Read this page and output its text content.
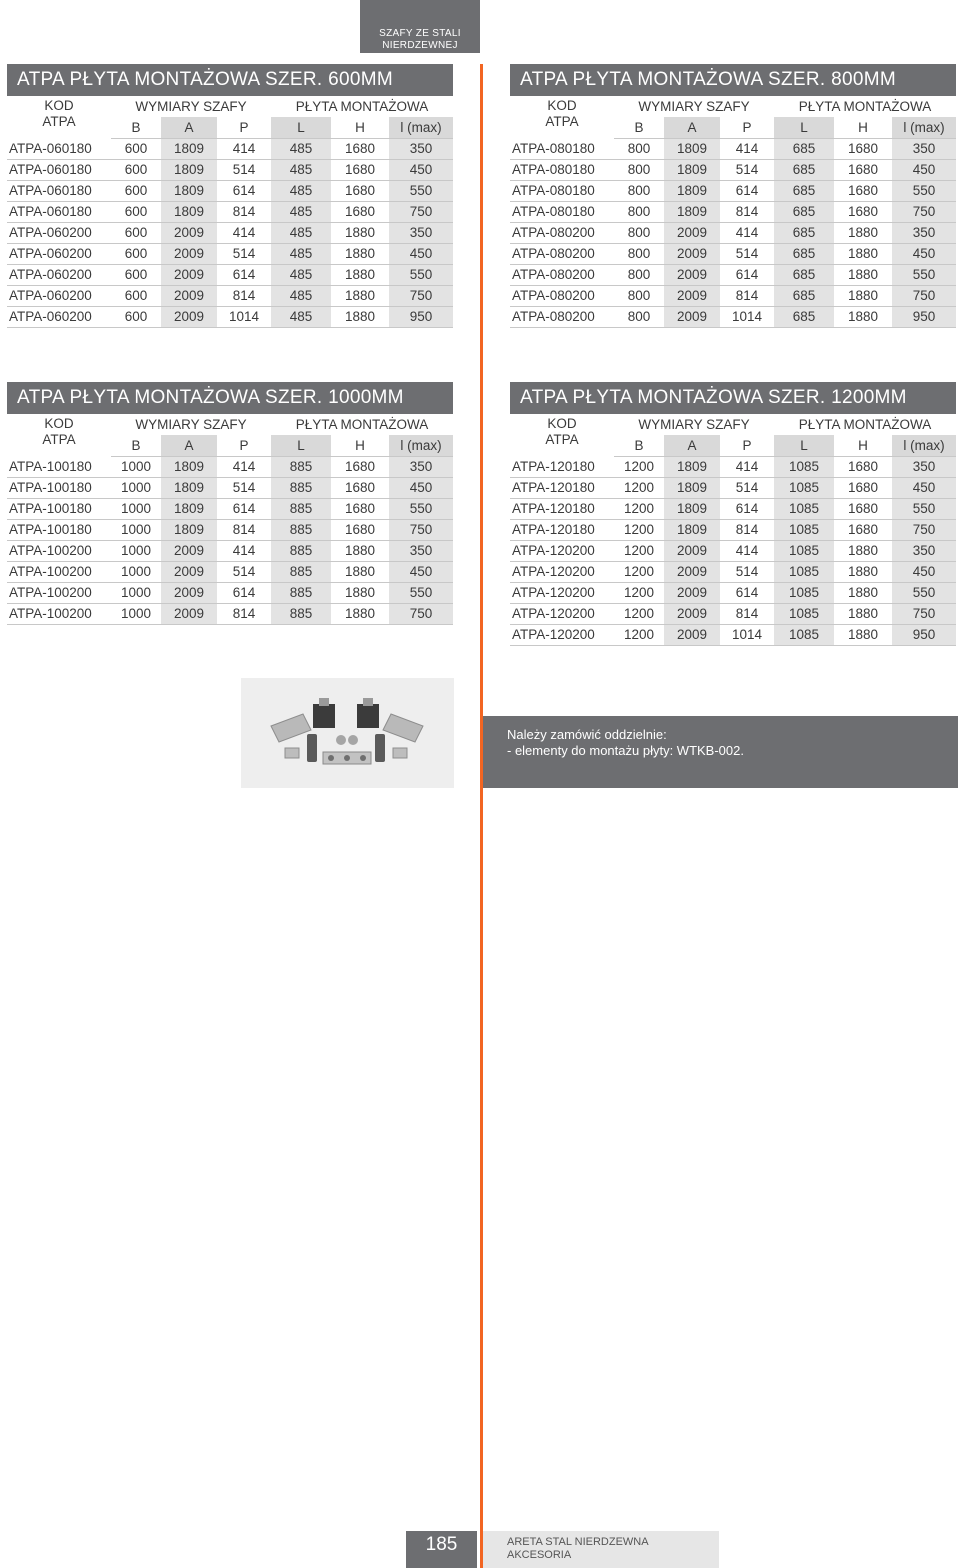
SZAFY ZE STALI
NIERDZEWNEJ
ATPA PŁYTA MONTAŻOWA SZER. 600MM
KOD
ATPA	WYMIARY SZAFY			PŁYTA MONTAŻOWA		
	B	A	P	L	H	l (max)
ATPA-060180	600	1809	414	485	1680	350
ATPA-060180	600	1809	514	485	1680	450
ATPA-060180	600	1809	614	485	1680	550
ATPA-060180	600	1809	814	485	1680	750
ATPA-060200	600	2009	414	485	1880	350
ATPA-060200	600	2009	514	485	1880	450
ATPA-060200	600	2009	614	485	1880	550
ATPA-060200	600	2009	814	485	1880	750
ATPA-060200	600	2009	1014	485	1880	950
ATPA PŁYTA MONTAŻOWA SZER. 800MM
KOD
ATPA	WYMIARY SZAFY			PŁYTA MONTAŻOWA		
	B	A	P	L	H	l (max)
ATPA-080180	800	1809	414	685	1680	350
ATPA-080180	800	1809	514	685	1680	450
ATPA-080180	800	1809	614	685	1680	550
ATPA-080180	800	1809	814	685	1680	750
ATPA-080200	800	2009	414	685	1880	350
ATPA-080200	800	2009	514	685	1880	450
ATPA-080200	800	2009	614	685	1880	550
ATPA-080200	800	2009	814	685	1880	750
ATPA-080200	800	2009	1014	685	1880	950
ATPA PŁYTA MONTAŻOWA SZER. 1000MM
KOD
ATPA	WYMIARY SZAFY			PŁYTA MONTAŻOWA		
	B	A	P	L	H	l (max)
ATPA-100180	1000	1809	414	885	1680	350
ATPA-100180	1000	1809	514	885	1680	450
ATPA-100180	1000	1809	614	885	1680	550
ATPA-100180	1000	1809	814	885	1680	750
ATPA-100200	1000	2009	414	885	1880	350
ATPA-100200	1000	2009	514	885	1880	450
ATPA-100200	1000	2009	614	885	1880	550
ATPA-100200	1000	2009	814	885	1880	750
ATPA PŁYTA MONTAŻOWA SZER. 1200MM
KOD
ATPA	WYMIARY SZAFY			PŁYTA MONTAŻOWA		
	B	A	P	L	H	l (max)
ATPA-120180	1200	1809	414	1085	1680	350
ATPA-120180	1200	1809	514	1085	1680	450
ATPA-120180	1200	1809	614	1085	1680	550
ATPA-120180	1200	1809	814	1085	1680	750
ATPA-120200	1200	2009	414	1085	1880	350
ATPA-120200	1200	2009	514	1085	1880	450
ATPA-120200	1200	2009	614	1085	1880	550
ATPA-120200	1200	2009	814	1085	1880	750
ATPA-120200	1200	2009	1014	1085	1880	950
Należy zamówić oddzielnie:
- elementy do montażu płyty: WTKB-002.
185	ARETA STAL NIERDZEWNA
AKCESORIA
